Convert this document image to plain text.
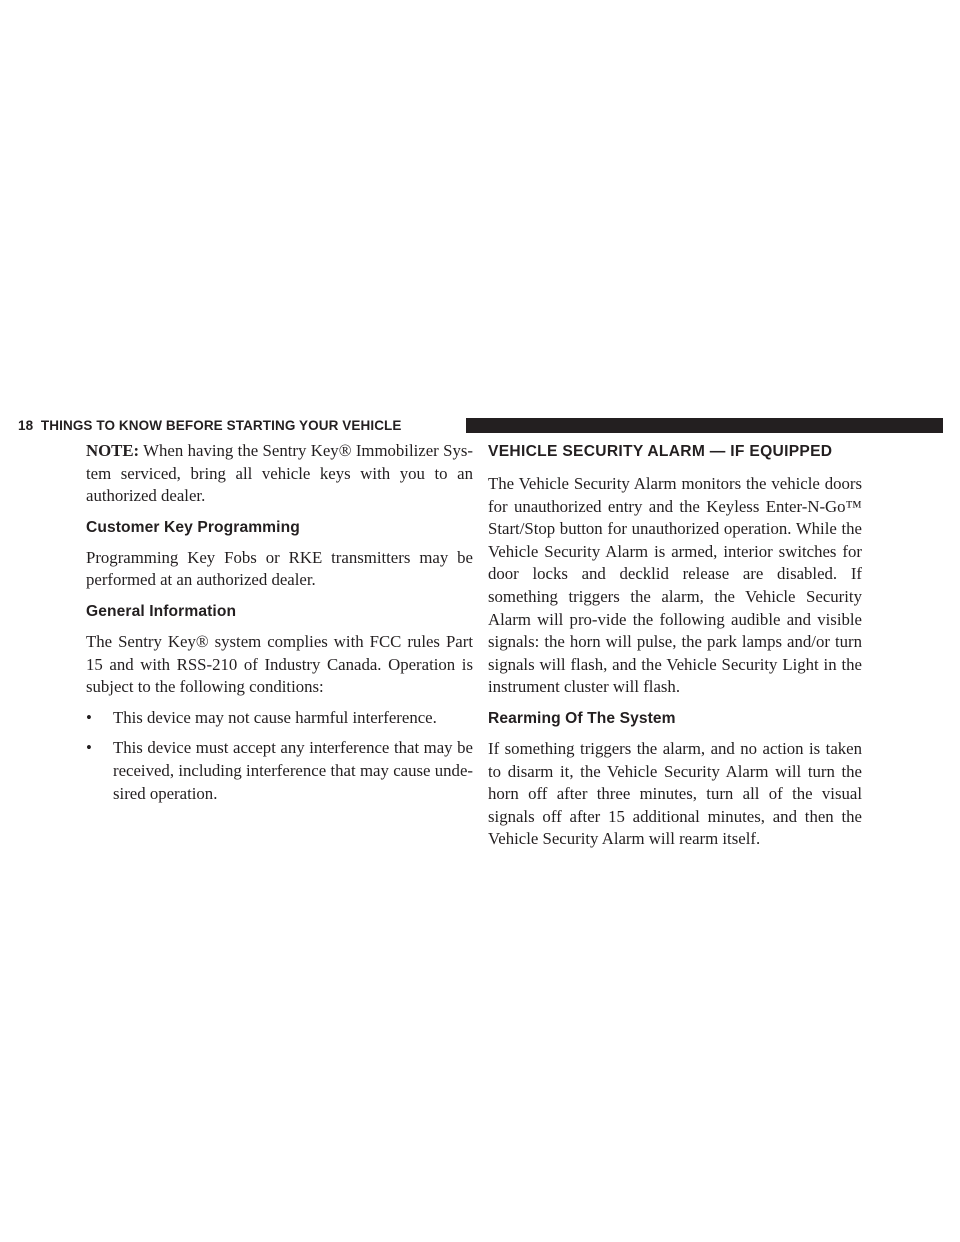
18 THINGS TO KNOW BEFORE STARTING YOUR VEHICLE

NOTE: When having the Sentry Key® Immobilizer Sys-tem serviced, bring all vehicle keys with you to an authorized dealer.

Customer Key Programming

Programming Key Fobs or RKE transmitters may be performed at an authorized dealer.

General Information

The Sentry Key® system complies with FCC rules Part 15 and with RSS-210 of Industry Canada. Operation is subject to the following conditions:

• This device may not cause harmful interference.
• This device must accept any interference that may be received, including interference that may cause unde-sired operation.
VEHICLE SECURITY ALARM — IF EQUIPPED

The Vehicle Security Alarm monitors the vehicle doors for unauthorized entry and the Keyless Enter-N-Go™ Start/Stop button for unauthorized operation. While the Vehicle Security Alarm is armed, interior switches for door locks and decklid release are disabled. If something triggers the alarm, the Vehicle Security Alarm will pro-vide the following audible and visible signals: the horn will pulse, the park lamps and/or turn signals will flash, and the Vehicle Security Light in the instrument cluster will flash.

Rearming Of The System

If something triggers the alarm, and no action is taken to disarm it, the Vehicle Security Alarm will turn the horn off after three minutes, turn all of the visual signals off after 15 additional minutes, and then the Vehicle Security Alarm will rearm itself.
